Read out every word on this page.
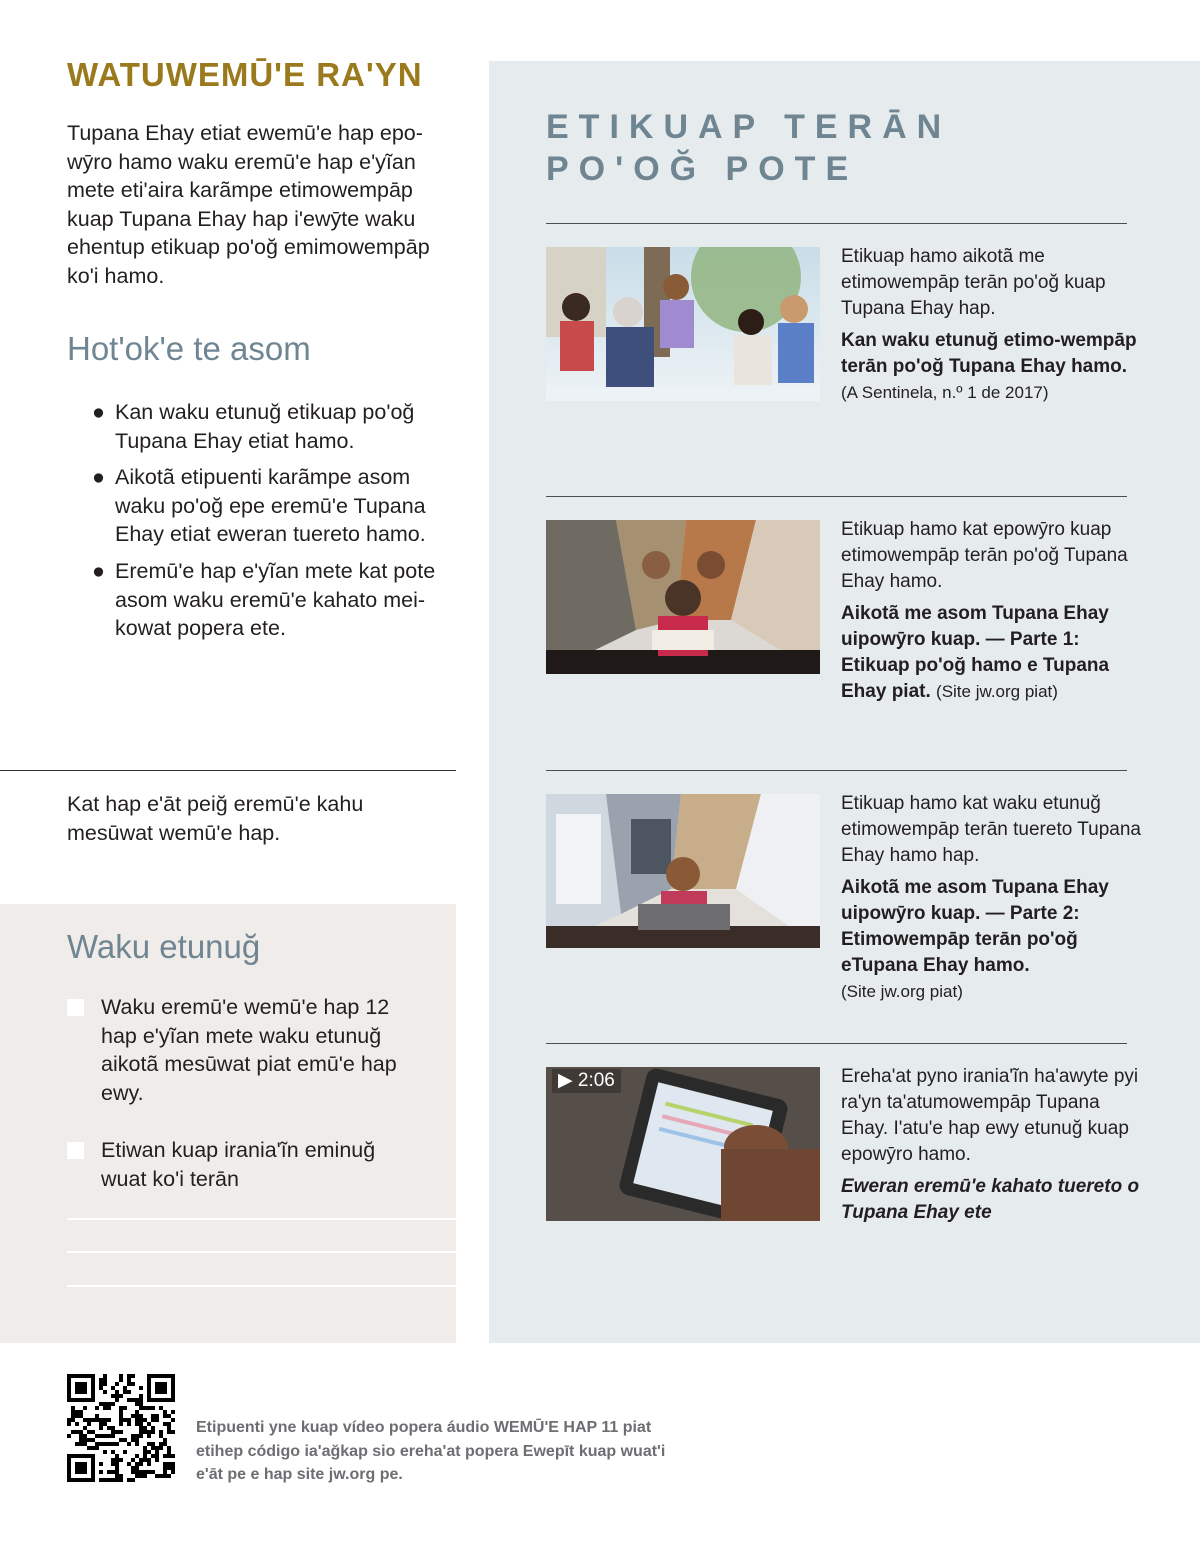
WATUWEMŪ'E RA'YN

Tupana Ehay etiat ewemū'e hap epo-wȳro hamo waku eremū'e hap e'yĩan mete eti'aira karãmpe etimowempāp kuap Tupana Ehay hap i'ewȳte waku ehentup etikuap po'oğ emimowempāp ko'i hamo.

Hot'ok'e te asom
● Kan waku etunuğ etikuap po'oğ Tupana Ehay etiat hamo.
● Aikotã etipuenti karãmpe asom waku po'oğ epe eremū'e Tupana Ehay etiat eweran tuereto hamo.
● Eremū'e hap e'yĩan mete kat pote asom waku eremū'e kahato mei-kowat popera ete.

Kat hap e'āt peiğ eremū'e kahu mesūwat wemū'e hap.

Waku etunuğ
Waku eremū'e wemū'e hap 12 hap e'yĩan mete waku etunuğ aikotã mesūwat piat emū'e hap ewy.
Etiwan kuap irania'ĩn eminuğ wuat ko'i terān
ETIKUAP TERĀN
PO'OĞ POTE

Etikuap hamo aikotã me etimowempāp terān po'oğ kuap Tupana Ehay hap.

Kan waku etunuğ etimo-wempāp terān po'oğ Tupana Ehay hamo.
(A Sentinela, n.º 1 de 2017)

Etikuap hamo kat epowȳro kuap etimowempāp terān po'oğ Tupana Ehay hamo.

Aikotã me asom Tupana Ehay uipowȳro kuap. — Parte 1: Etikuap po'oğ hamo e Tupana Ehay piat. (Site jw.org piat)

Etikuap hamo kat waku etunuğ etimowempāp terān tuereto Tupana Ehay hamo hap.

Aikotã me asom Tupana Ehay uipowȳro kuap. — Parte 2: Etimowempāp terān po'oğ eTupana Ehay hamo.
(Site jw.org piat)

▶ 2:06	Ereha'at pyno irania'ĩn ha'awyte pyi ra'yn ta'atumowempāp Tupana Ehay. I'atu'e hap ewy etunuğ kuap epowȳro hamo.

Eweran eremū'e kahato tuereto o Tupana Ehay ete

Etipuenti yne kuap vídeo popera áudio WEMŪ'E HAP 11 piat etihep código ia'ağkap sio ereha'at popera Ewepīt kuap wuat'i e'āt pe e hap site jw.org pe.
